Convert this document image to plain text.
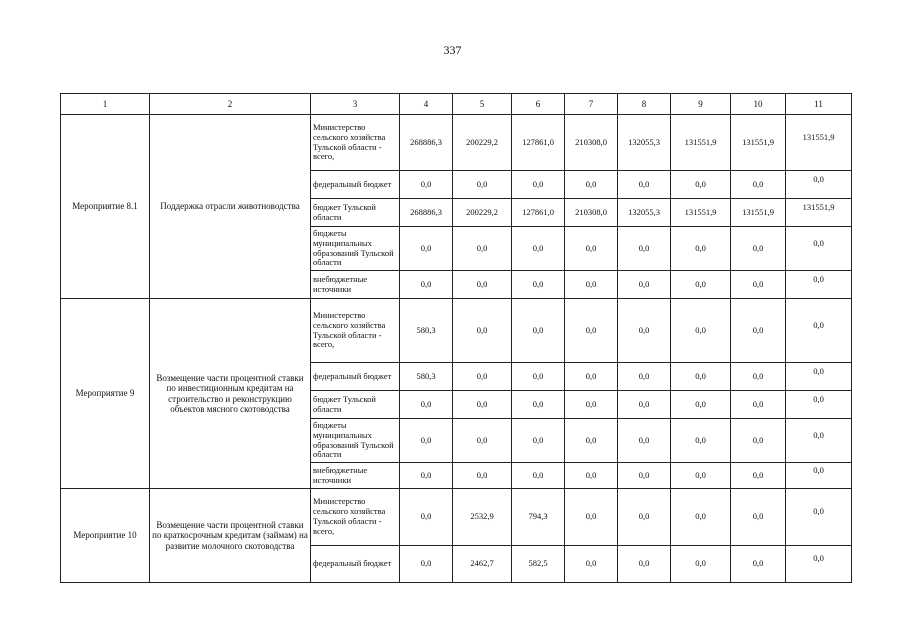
337
1	2	3	4	5	6	7	8	9	10	11
Мероприятие 8.1	Поддержка отрасли животноводства	Министерство сельского хозяйства Тульской области - всего,	268886,3	200229,2	127861,0	210308,0	132055,3	131551,9	131551,9	131551,9
		федеральный бюджет	0,0	0,0	0,0	0,0	0,0	0,0	0,0	0,0
		бюджет Тульской области	268886,3	200229,2	127861,0	210308,0	132055,3	131551,9	131551,9	131551,9
		бюджеты муниципальных образований Тульской области	0,0	0,0	0,0	0,0	0,0	0,0	0,0	0,0
		внебюджетные источники	0,0	0,0	0,0	0,0	0,0	0,0	0,0	0,0
Мероприятие 9	Возмещение части процентной ставки по инвестиционным кредитам на строительство и реконструкцию объектов мясного скотоводства	Министерство сельского хозяйства Тульской области - всего,	580,3	0,0	0,0	0,0	0,0	0,0	0,0	0,0
		федеральный бюджет	580,3	0,0	0,0	0,0	0,0	0,0	0,0	0,0
		бюджет Тульской области	0,0	0,0	0,0	0,0	0,0	0,0	0,0	0,0
		бюджеты муниципальных образований Тульской области	0,0	0,0	0,0	0,0	0,0	0,0	0,0	0,0
		внебюджетные источники	0,0	0,0	0,0	0,0	0,0	0,0	0,0	0,0
Мероприятие 10	Возмещение части процентной ставки по краткосрочным кредитам (займам) на развитие молочного скотоводства	Министерство сельского хозяйства Тульской области - всего,	0,0	2532,9	794,3	0,0	0,0	0,0	0,0	0,0
		федеральный бюджет	0,0	2462,7	582,5	0,0	0,0	0,0	0,0	0,0
